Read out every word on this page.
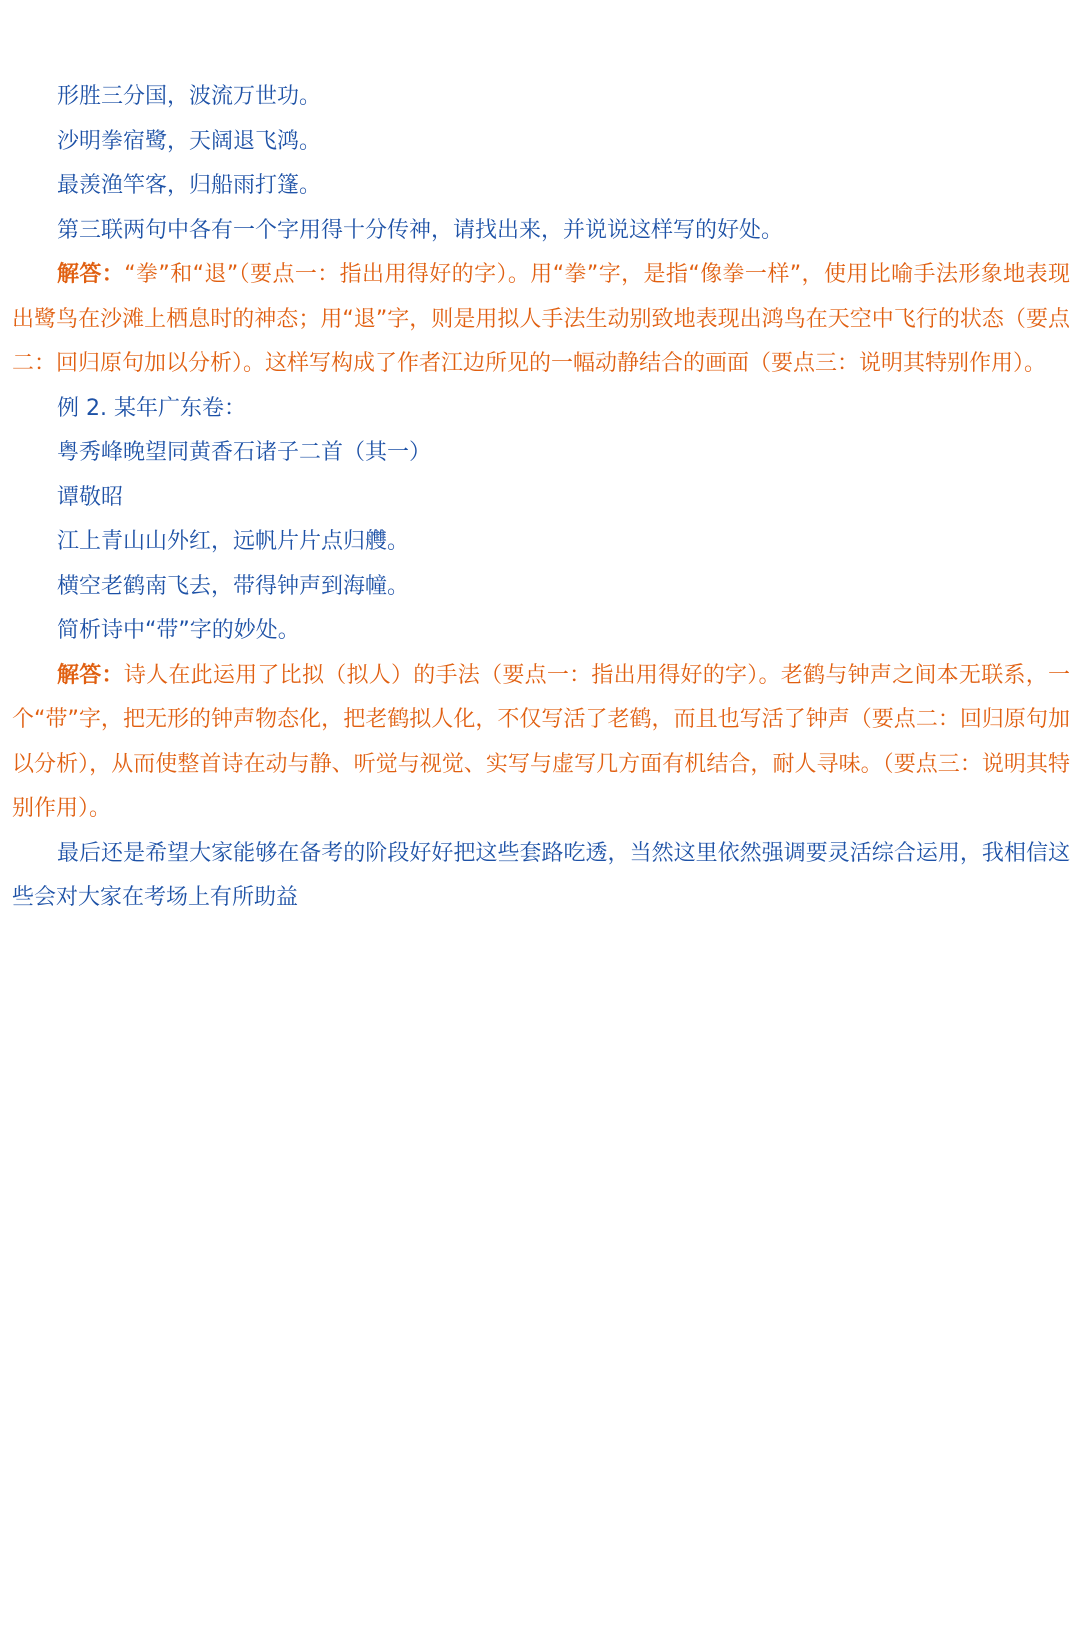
形胜三分国，波流万世功。

沙明拳宿鹭，天阔退飞鸿。

最羡渔竿客，归船雨打篷。

第三联两句中各有一个字用得十分传神，请找出来，并说说这样写的好处。

解答：“拳”和“退”（要点一：指出用得好的字）。用“拳”字，是指“像拳一样”，使用比喻手法形象地表现出鹭鸟在沙滩上栖息时的神态；用“退”字，则是用拟人手法生动别致地表现出鸿鸟在天空中飞行的状态（要点二：回归原句加以分析）。这样写构成了作者江边所见的一幅动静结合的画面（要点三：说明其特别作用）。

例 2. 某年广东卷：

粤秀峰晚望同黄香石诸子二首（其一）

谭敬昭

江上青山山外红，远帆片片点归艭。

横空老鹤南飞去，带得钟声到海幢。

简析诗中“带”字的妙处。

解答：诗人在此运用了比拟（拟人）的手法（要点一：指出用得好的字）。老鹤与钟声之间本无联系，一个“带”字，把无形的钟声物态化，把老鹤拟人化，不仅写活了老鹤，而且也写活了钟声（要点二：回归原句加以分析），从而使整首诗在动与静、听觉与视觉、实写与虚写几方面有机结合，耐人寻味。（要点三：说明其特别作用）。

最后还是希望大家能够在备考的阶段好好把这些套路吃透，当然这里依然强调要灵活综合运用，我相信这些会对大家在考场上有所助益
